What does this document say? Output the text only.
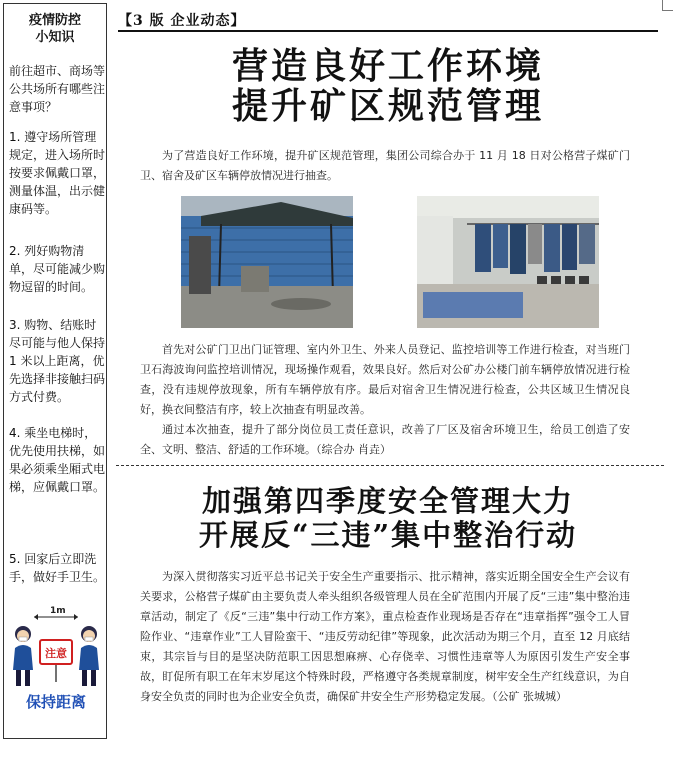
疫情防控
小知识
前往超市、商场等公共场所有哪些注意事项？
1. 遵守场所管理规定，进入场所时按要求佩戴口罩，测量体温，出示健康码等。
2. 列好购物清单，尽可能减少购物逗留的时间。
3. 购物、结账时尽可能与他人保持 1 米以上距离，优先选择非接触扫码方式付费。
4. 乘坐电梯时，优先使用扶梯，如果必须乘坐厢式电梯，应佩戴口罩。
5. 回家后立即洗手，做好手卫生。
1m
注意
保持距离
【3 版 企业动态】
营造良好工作环境
提升矿区规范管理
为了营造良好工作环境，提升矿区规范管理，集团公司综合办于 11 月 18 日对公格营子煤矿门卫、宿舍及矿区车辆停放情况进行抽查。
首先对公矿门卫出门证管理、室内外卫生、外来人员登记、监控培训等工作进行检查，对当班门卫石海波询问监控培训情况，现场操作观看，效果良好。然后对公矿办公楼门前车辆停放情况进行检查，没有违规停放现象，所有车辆停放有序。最后对宿舍卫生情况进行检查，公共区域卫生情况良好，换衣间整洁有序，较上次抽查有明显改善。
通过本次抽查，提升了部分岗位员工责任意识，改善了厂区及宿舍环境卫生，给员工创造了安全、文明、整洁、舒适的工作环境。（综合办 肖垚）
加强第四季度安全管理大力
开展反“三违”集中整治行动
为深入贯彻落实习近平总书记关于安全生产重要指示、批示精神，落实近期全国安全生产会议有关要求，公格营子煤矿由主要负责人牵头组织各级管理人员在全矿范围内开展了反“三违”集中整治违章活动，制定了《反“三违”集中行动工作方案》，重点检查作业现场是否存在“违章指挥”强令工人冒险作业、“违章作业”工人冒险蛮干、“违反劳动纪律”等现象，此次活动为期三个月，直至 12 月底结束，其宗旨与目的是坚决防范职工因思想麻痹、心存侥幸、习惯性违章等人为原因引发生产安全事故，盯促所有职工在年末岁尾这个特殊时段，严格遵守各类规章制度，树牢安全生产红线意识，为自身安全负责的同时也为企业安全负责，确保矿井安全生产形势稳定发展。（公矿 张城城）
